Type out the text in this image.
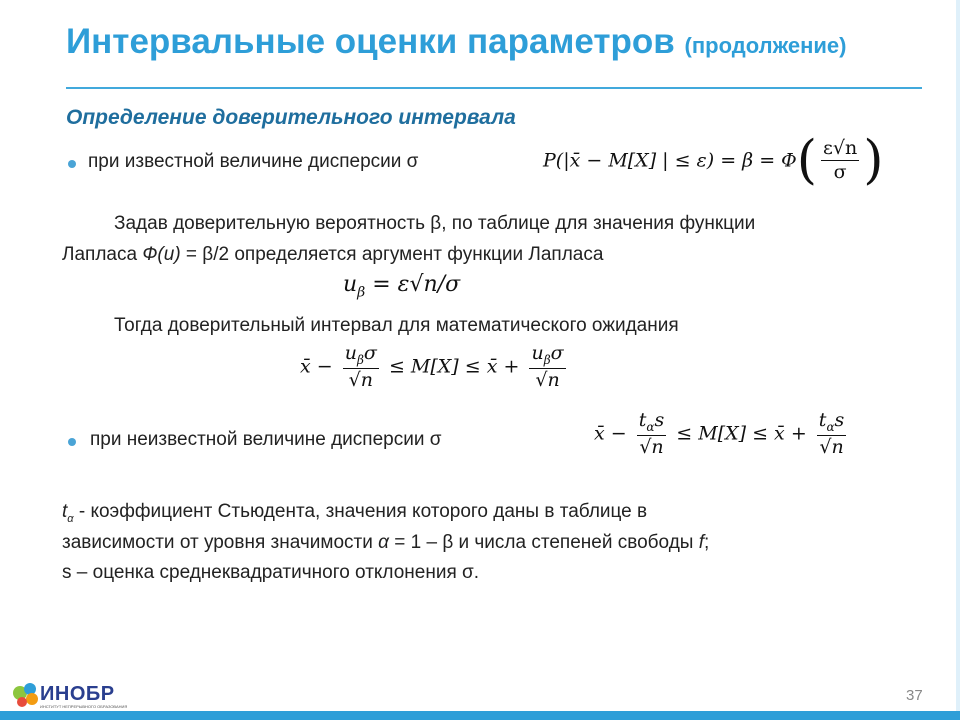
Интервальные оценки параметров (продолжение)
Определение доверительного интервала
при известной величине дисперсии σ	P(|x̄ − M[X] | ≤ $\varepsilon) = \beta = \Phi( \frac{\varepsilon√n}{\sigma}$ )
Задав доверительную вероятность β, по таблице для значения функции
Лапласа Ф(u) = β/2 определяется аргумент функции Лапласа
$u_\beta = \varepsilon√n/\sigma$
Тогда доверительный интервал для математического ожидания
x̄ − $\frac{u_\beta\sigma}{√n} \le M[X]$ ≤ x̄ + $\frac{u_\beta\sigma}{√n}$
при неизвестной величине дисперсии σ	x̄ − $\frac{t_\alpha s}{√n} \le M[X]$ ≤ x̄ + $\frac{t_\alpha s}{√n}$
$t_\alpha$ - коэффициент Стьюдента, значения которого даны в таблице в
зависимости от уровня значимости α = 1 – β и числа степеней свободы f;
s – оценка среднеквадратичного отклонения σ.
ИНОБР
ИНСТИТУТ НЕПРЕРЫВНОГО ОБРАЗОВАНИЯ
37
